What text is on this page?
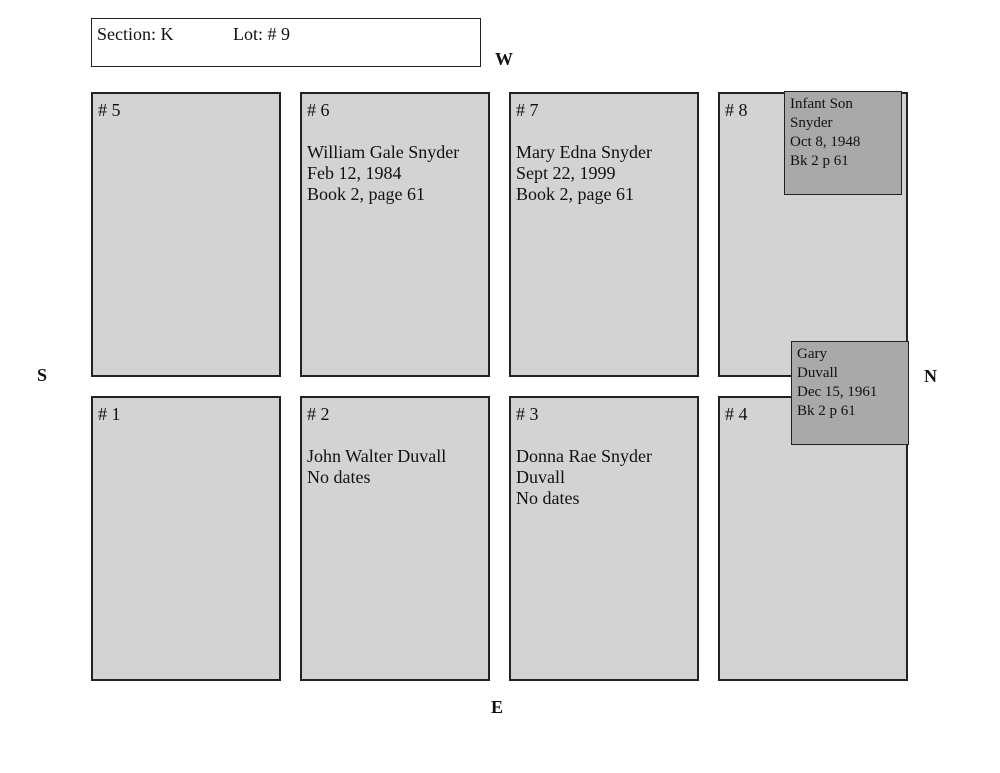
Section: K	Lot: # 9
W
E
S	N
# 5	# 6
William Gale Snyder
Feb 12, 1984
Book 2, page 61
# 7
Mary Edna Snyder
Sept 22, 1999
Book 2, page 61
# 8
# 1	# 2
John Walter Duvall
No dates
# 3
Donna Rae Snyder
Duvall
No dates
# 4
Infant Son
Snyder
Oct 8, 1948
Bk 2 p 61
Gary
Duvall
Dec 15, 1961
Bk 2 p 61
